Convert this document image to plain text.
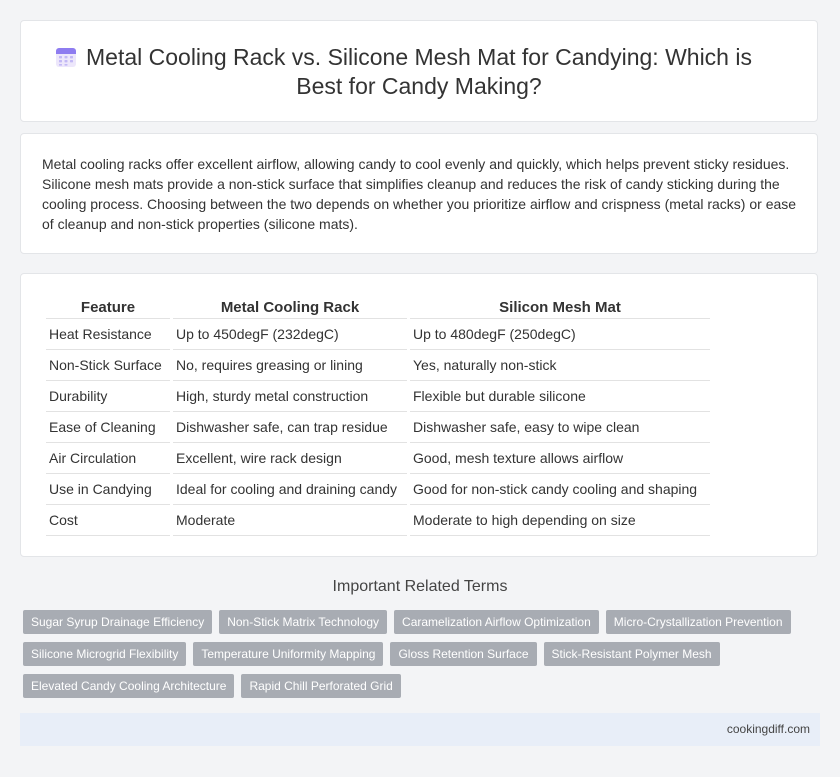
Metal Cooling Rack vs. Silicone Mesh Mat for Candying: Which is
Best for Candy Making?
Metal cooling racks offer excellent airflow, allowing candy to cool evenly and quickly, which helps prevent sticky residues. Silicone mesh mats provide a non-stick surface that simplifies cleanup and reduces the risk of candy sticking during the cooling process. Choosing between the two depends on whether you prioritize airflow and crispness (metal racks) or ease of cleanup and non-stick properties (silicone mats).
Feature	Metal Cooling Rack	Silicon Mesh Mat
Heat Resistance	Up to 450degF (232degC)	Up to 480degF (250degC)
Non-Stick Surface	No, requires greasing or lining	Yes, naturally non-stick
Durability	High, sturdy metal construction	Flexible but durable silicone
Ease of Cleaning	Dishwasher safe, can trap residue	Dishwasher safe, easy to wipe clean
Air Circulation	Excellent, wire rack design	Good, mesh texture allows airflow
Use in Candying	Ideal for cooling and draining candy	Good for non-stick candy cooling and shaping
Cost	Moderate	Moderate to high depending on size
Important Related Terms
Sugar Syrup Drainage Efficiency	Non-Stick Matrix Technology	Caramelization Airflow Optimization	Micro-Crystallization Prevention
Silicone Microgrid Flexibility	Temperature Uniformity Mapping	Gloss Retention Surface	Stick-Resistant Polymer Mesh
Elevated Candy Cooling Architecture	Rapid Chill Perforated Grid
cookingdiff.com
